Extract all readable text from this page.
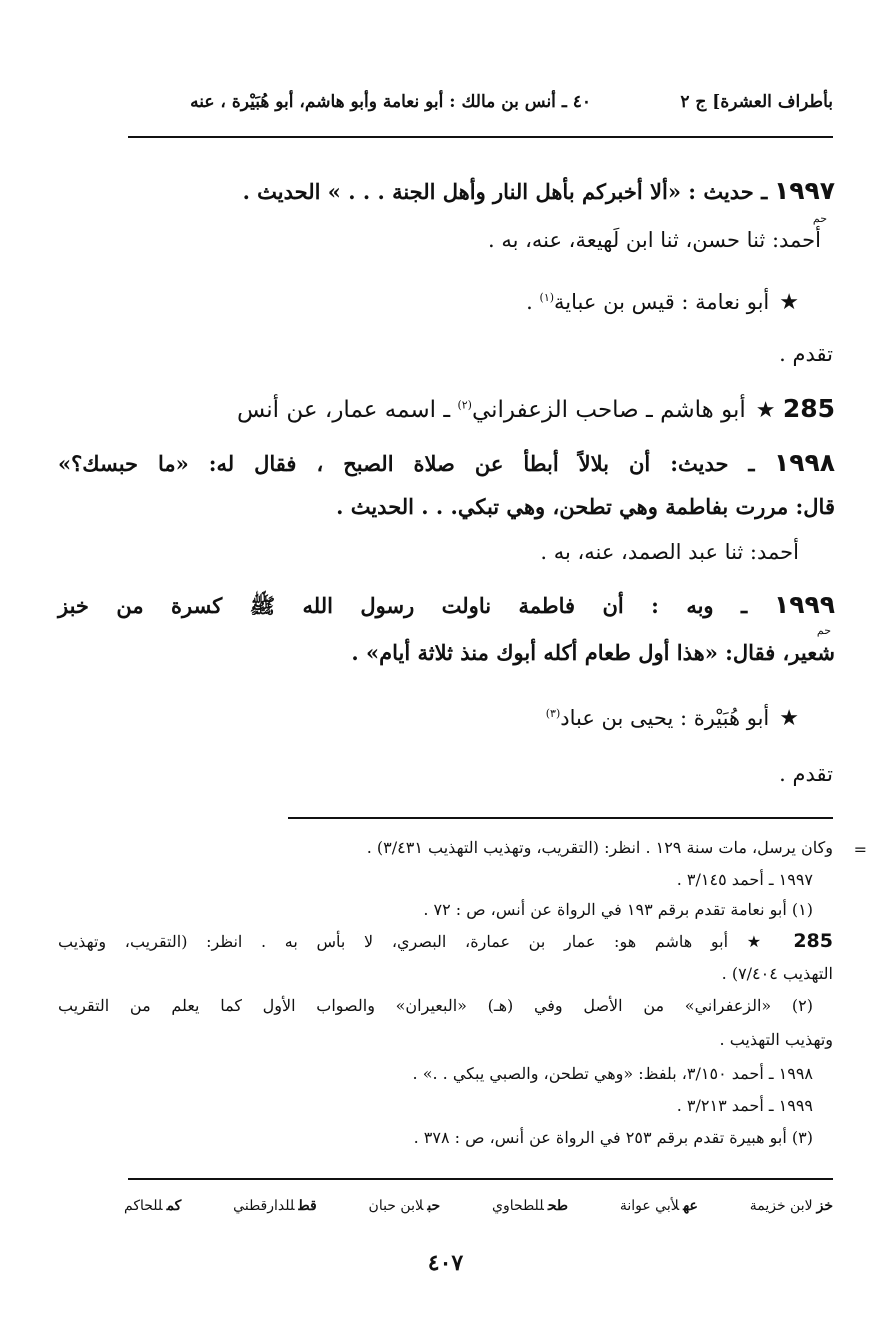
بأطراف العشرة] ج ٢
٤٠ ـ أنس بن مالك : أبو نعامة وأبو هاشم، أبو هُبَيْرة ، عنه
١٩٩٧ ـ حديث : «ألا أخبركم بأهل النار وأهل الجنة . . . » الحديث .
حم
أحمد: ثنا حسن، ثنا ابن لَهيعة، عنه، به .
★أبو نعامة : قيس بن عباية$^{(١)}$ .
تقدم .
285 ★أبو هاشم ـ صاحب الزعفراني$^{(٢)}$ ـ اسمه عمار، عن أنس
١٩٩٨ ـ حديث: أن بلالاً أبطأ عن صلاة الصبح ، فقال له: «ما حبسك؟»
قال: مررت بفاطمة وهي تطحن، وهي تبكي. . . الحديث .
أحمد: ثنا عبد الصمد، عنه، به .
١٩٩٩ ـ وبه : أن فاطمة ناولت رسول الله ﷺ كسرة من خبز
حم
شعير، فقال: «هذا أول طعام أكله أبوك منذ ثلاثة أيام» .
★أبو هُبَيْرة : يحيى بن عباد$^{(٣)}$
تقدم .
=
وكان يرسل، مات سنة ١٢٩ . انظر: (التقريب، وتهذيب التهذيب ٣/٤٣١) .
١٩٩٧ ـ أحمد ٣/١٤٥ .
(١) أبو نعامة تقدم برقم ١٩٣ في الرواة عن أنس، ص : ٧٢ .
285 ★ أبو هاشم هو: عمار بن عمارة، البصري، لا بأس به . انظر: (التقريب، وتهذيب
التهذيب ٧/٤٠٤) .
(٢) «الزعفراني» من الأصل وفي (هـ) «البعيران» والصواب الأول كما يعلم من التقريب
وتهذيب التهذيب .
١٩٩٨ ـ أحمد ٣/١٥٠، بلفظ: «وهي تطحن، والصبي يبكي . .» .
١٩٩٩ ـ أحمد ٣/٢١٣ .
(٣) أبو هبيرة تقدم برقم ٢٥٣ في الرواة عن أنس، ص : ٣٧٨ .
خزلابن خزيمة
عهلأبي عوانة
طحللطحاوي
حبلابن حبان
قطللدارقطني
كمللحاكم
٤٠٧
